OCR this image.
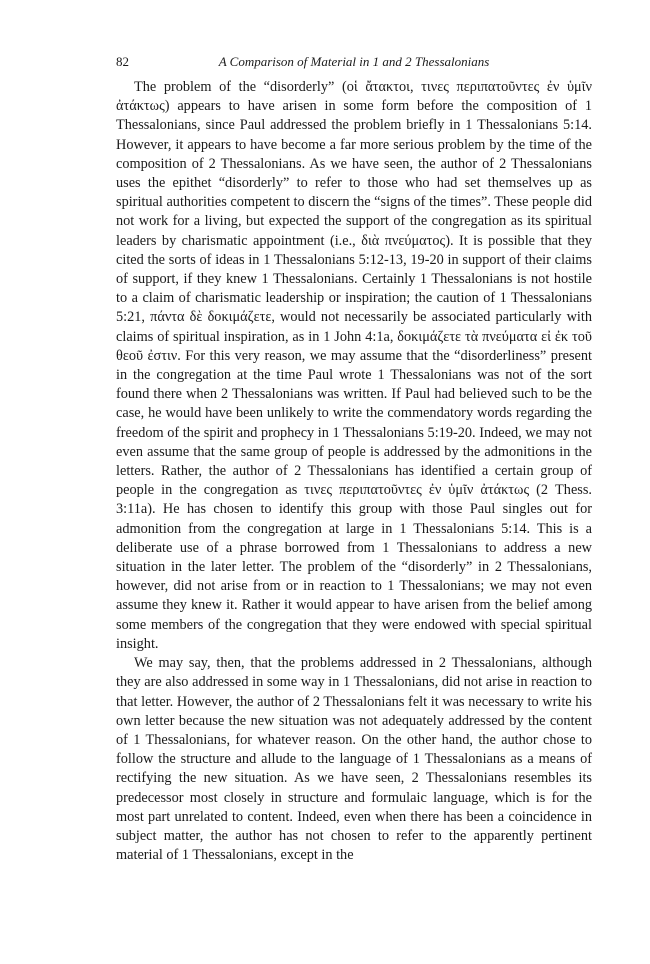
82	A Comparison of Material in 1 and 2 Thessalonians

The problem of the “disorderly” (οἱ ἄτακτοι, τινες περιπατοῦντες ἐν ὑμῖν ἀτάκτως) appears to have arisen in some form before the composition of 1 Thessalonians, since Paul addressed the problem briefly in 1 Thessalonians 5:14. However, it appears to have become a far more serious problem by the time of the composition of 2 Thessalonians. As we have seen, the author of 2 Thessalonians uses the epithet “disorderly” to refer to those who had set themselves up as spiritual authorities competent to discern the “signs of the times”. These people did not work for a living, but expected the support of the congregation as its spiritual leaders by charismatic appointment (i.e., διὰ πνεύματος). It is possible that they cited the sorts of ideas in 1 Thessalonians 5:12-13, 19-20 in support of their claims of support, if they knew 1 Thessalonians. Certainly 1 Thessalonians is not hostile to a claim of charismatic leadership or inspiration; the caution of 1 Thessalonians 5:21, πάντα δὲ δοκιμάζετε, would not necessarily be associated particularly with claims of spiritual inspiration, as in 1 John 4:1a, δοκιμάζετε τὰ πνεύματα εἰ ἐκ τοῦ θεοῦ ἐστιν. For this very reason, we may assume that the “disorderliness” present in the congregation at the time Paul wrote 1 Thessalonians was not of the sort found there when 2 Thessalonians was written. If Paul had believed such to be the case, he would have been unlikely to write the commendatory words regarding the freedom of the spirit and prophecy in 1 Thessalonians 5:19-20. Indeed, we may not even assume that the same group of people is addressed by the admonitions in the letters. Rather, the author of 2 Thessalonians has identified a certain group of people in the congregation as τινες περιπατοῦντες ἐν ὑμῖν ἀτάκτως (2 Thess. 3:11a). He has chosen to identify this group with those Paul singles out for admonition from the congregation at large in 1 Thessalonians 5:14. This is a deliberate use of a phrase borrowed from 1 Thessalonians to address a new situation in the later letter. The problem of the “disorderly” in 2 Thessalonians, however, did not arise from or in reaction to 1 Thessalonians; we may not even assume they knew it. Rather it would appear to have arisen from the belief among some members of the congregation that they were endowed with special spiritual insight.

We may say, then, that the problems addressed in 2 Thessalonians, although they are also addressed in some way in 1 Thessalonians, did not arise in reaction to that letter. However, the author of 2 Thessalonians felt it was necessary to write his own letter because the new situation was not adequately addressed by the content of 1 Thessalonians, for whatever reason. On the other hand, the author chose to follow the structure and allude to the language of 1 Thessalonians as a means of rectifying the new situation. As we have seen, 2 Thessalonians resembles its predecessor most closely in structure and formulaic language, which is for the most part unrelated to content. Indeed, even when there has been a coincidence in subject matter, the author has not chosen to refer to the apparently pertinent material of 1 Thessalonians, except in the
